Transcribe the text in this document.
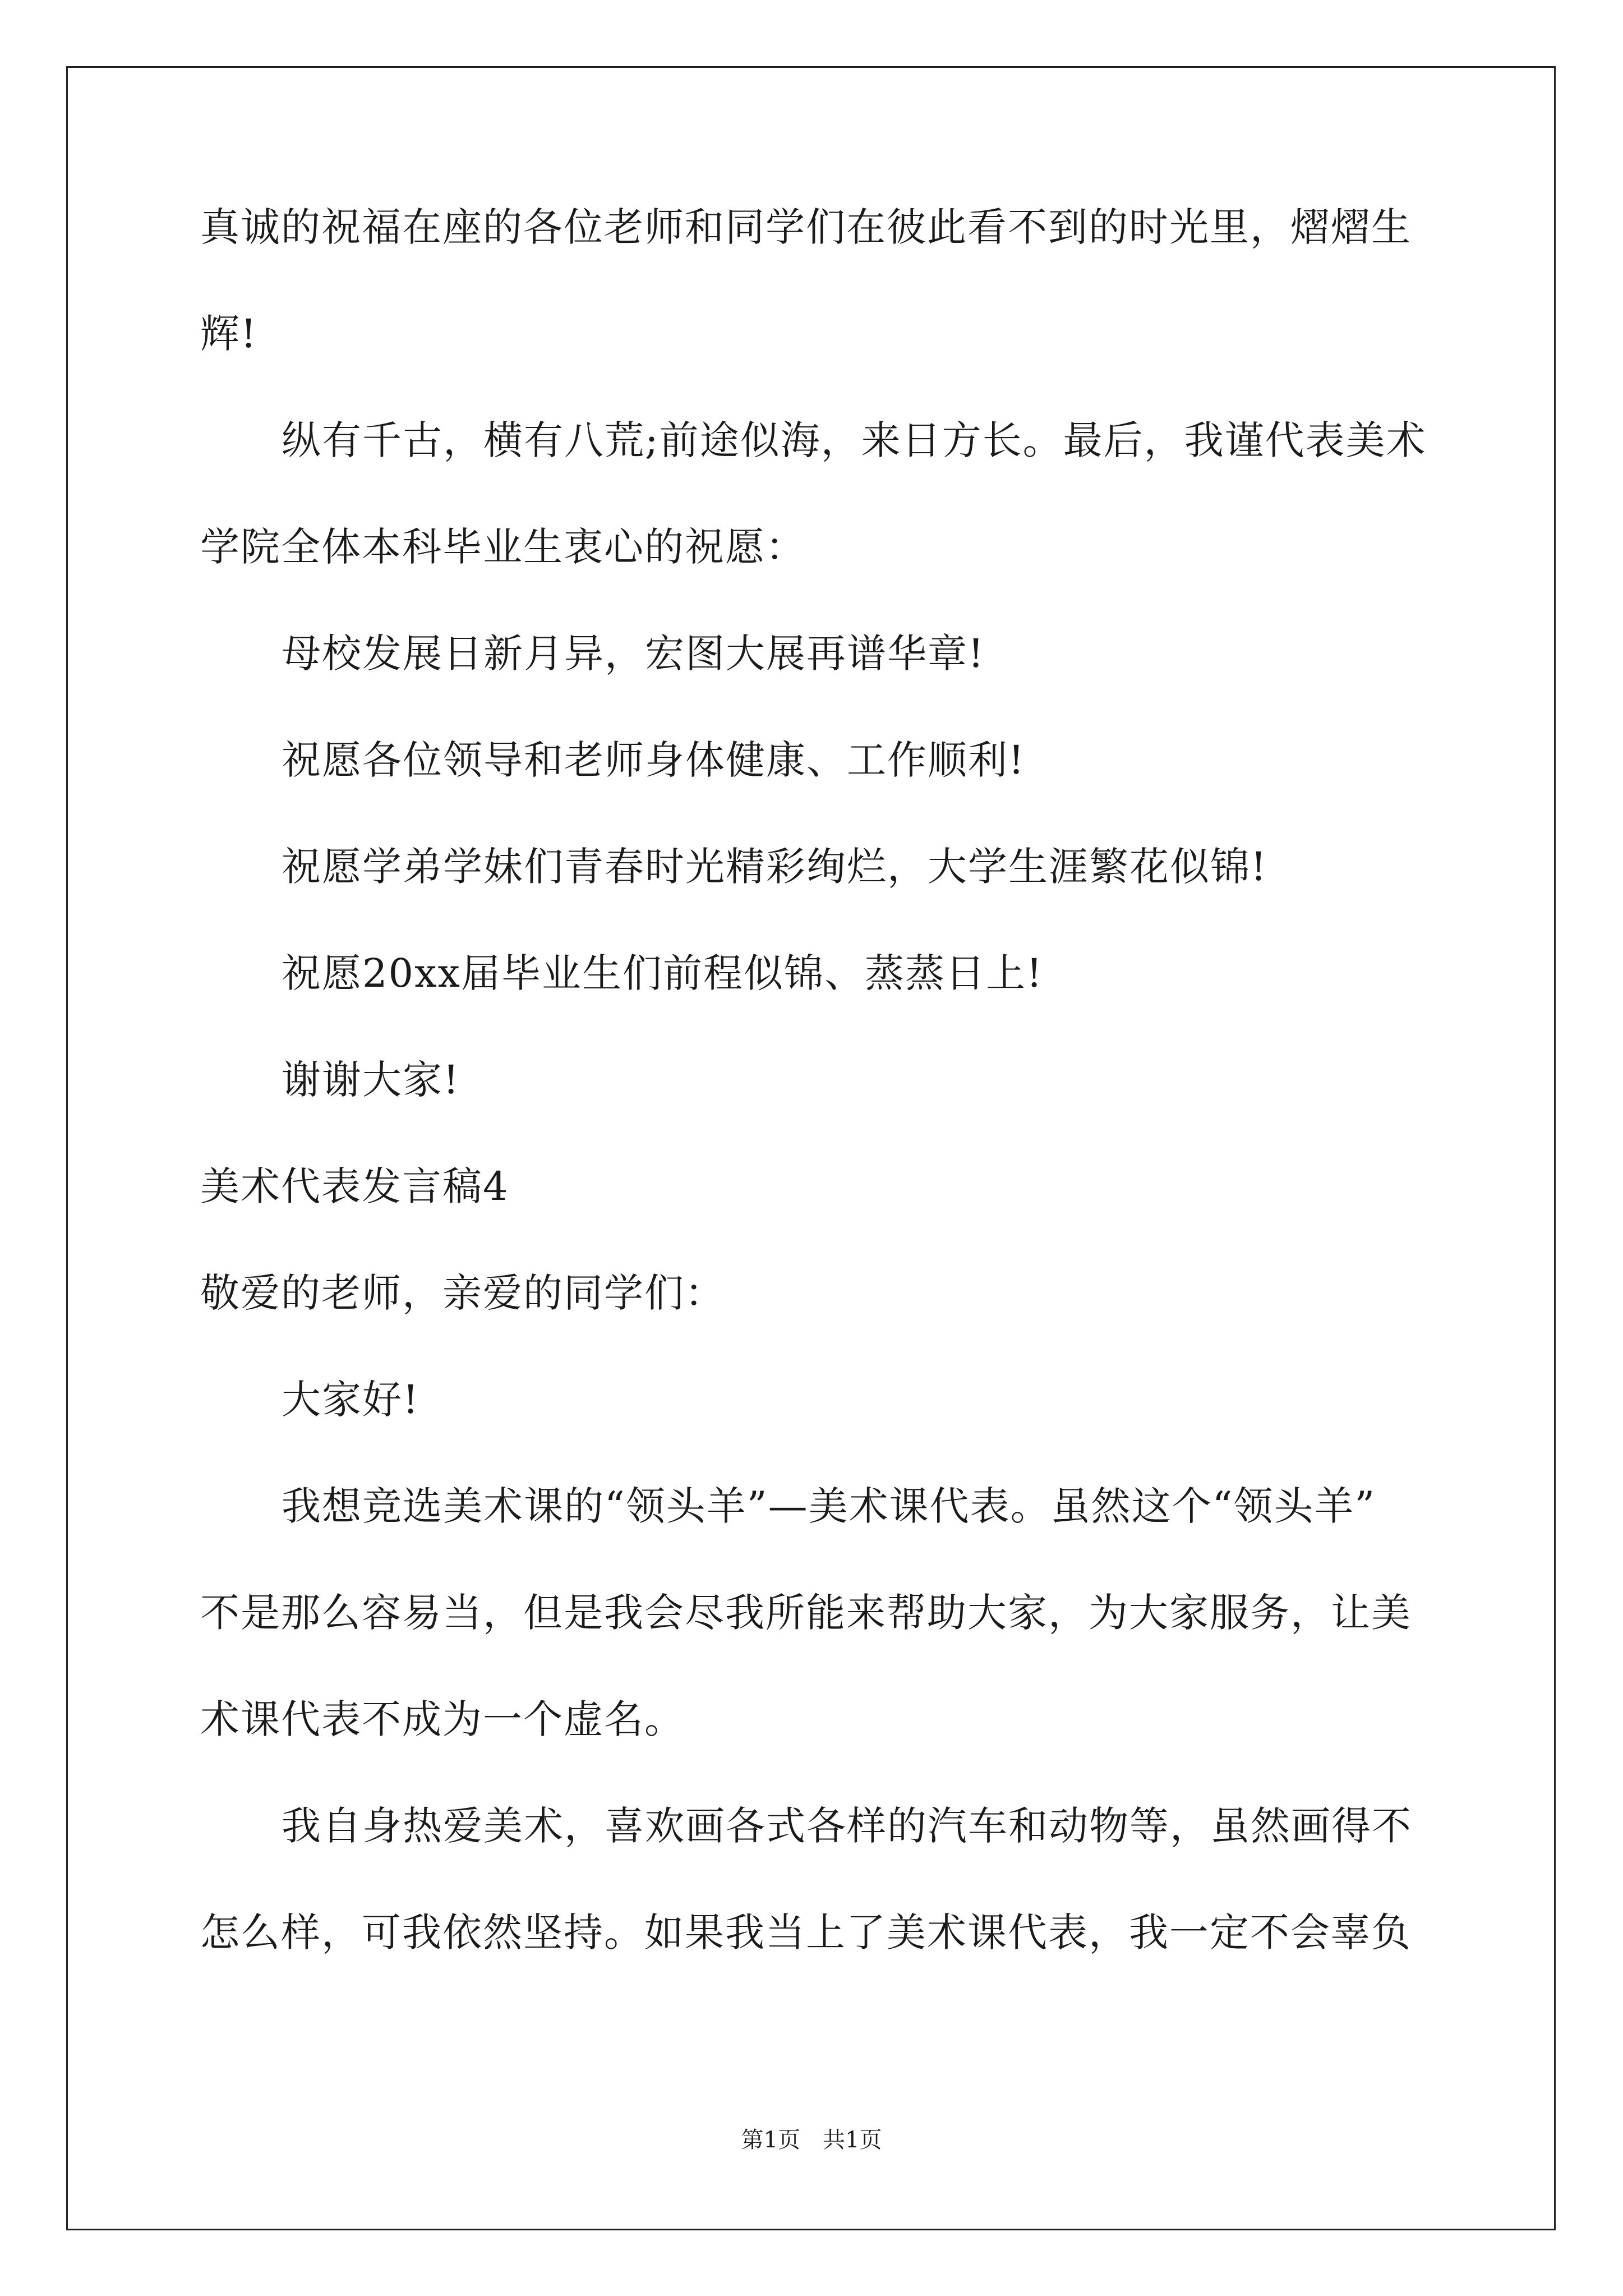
真诚的祝福在座的各位老师和同学们在彼此看不到的时光里，熠熠生
辉!
纵有千古，横有八荒;前途似海，来日方长。最后，我谨代表美术
学院全体本科毕业生衷心的祝愿：
母校发展日新月异，宏图大展再谱华章!
祝愿各位领导和老师身体健康、工作顺利!
祝愿学弟学妹们青春时光精彩绚烂，大学生涯繁花似锦!
祝愿20xx届毕业生们前程似锦、蒸蒸日上!
谢谢大家!
美术代表发言稿4
敬爱的老师，亲爱的同学们：
大家好!
我想竞选美术课的“领头羊”—美术课代表。虽然这个“领头羊”
不是那么容易当，但是我会尽我所能来帮助大家，为大家服务，让美
术课代表不成为一个虚名。
我自身热爱美术，喜欢画各式各样的汽车和动物等，虽然画得不
怎么样，可我依然坚持。如果我当上了美术课代表，我一定不会辜负
第1页　共1页
